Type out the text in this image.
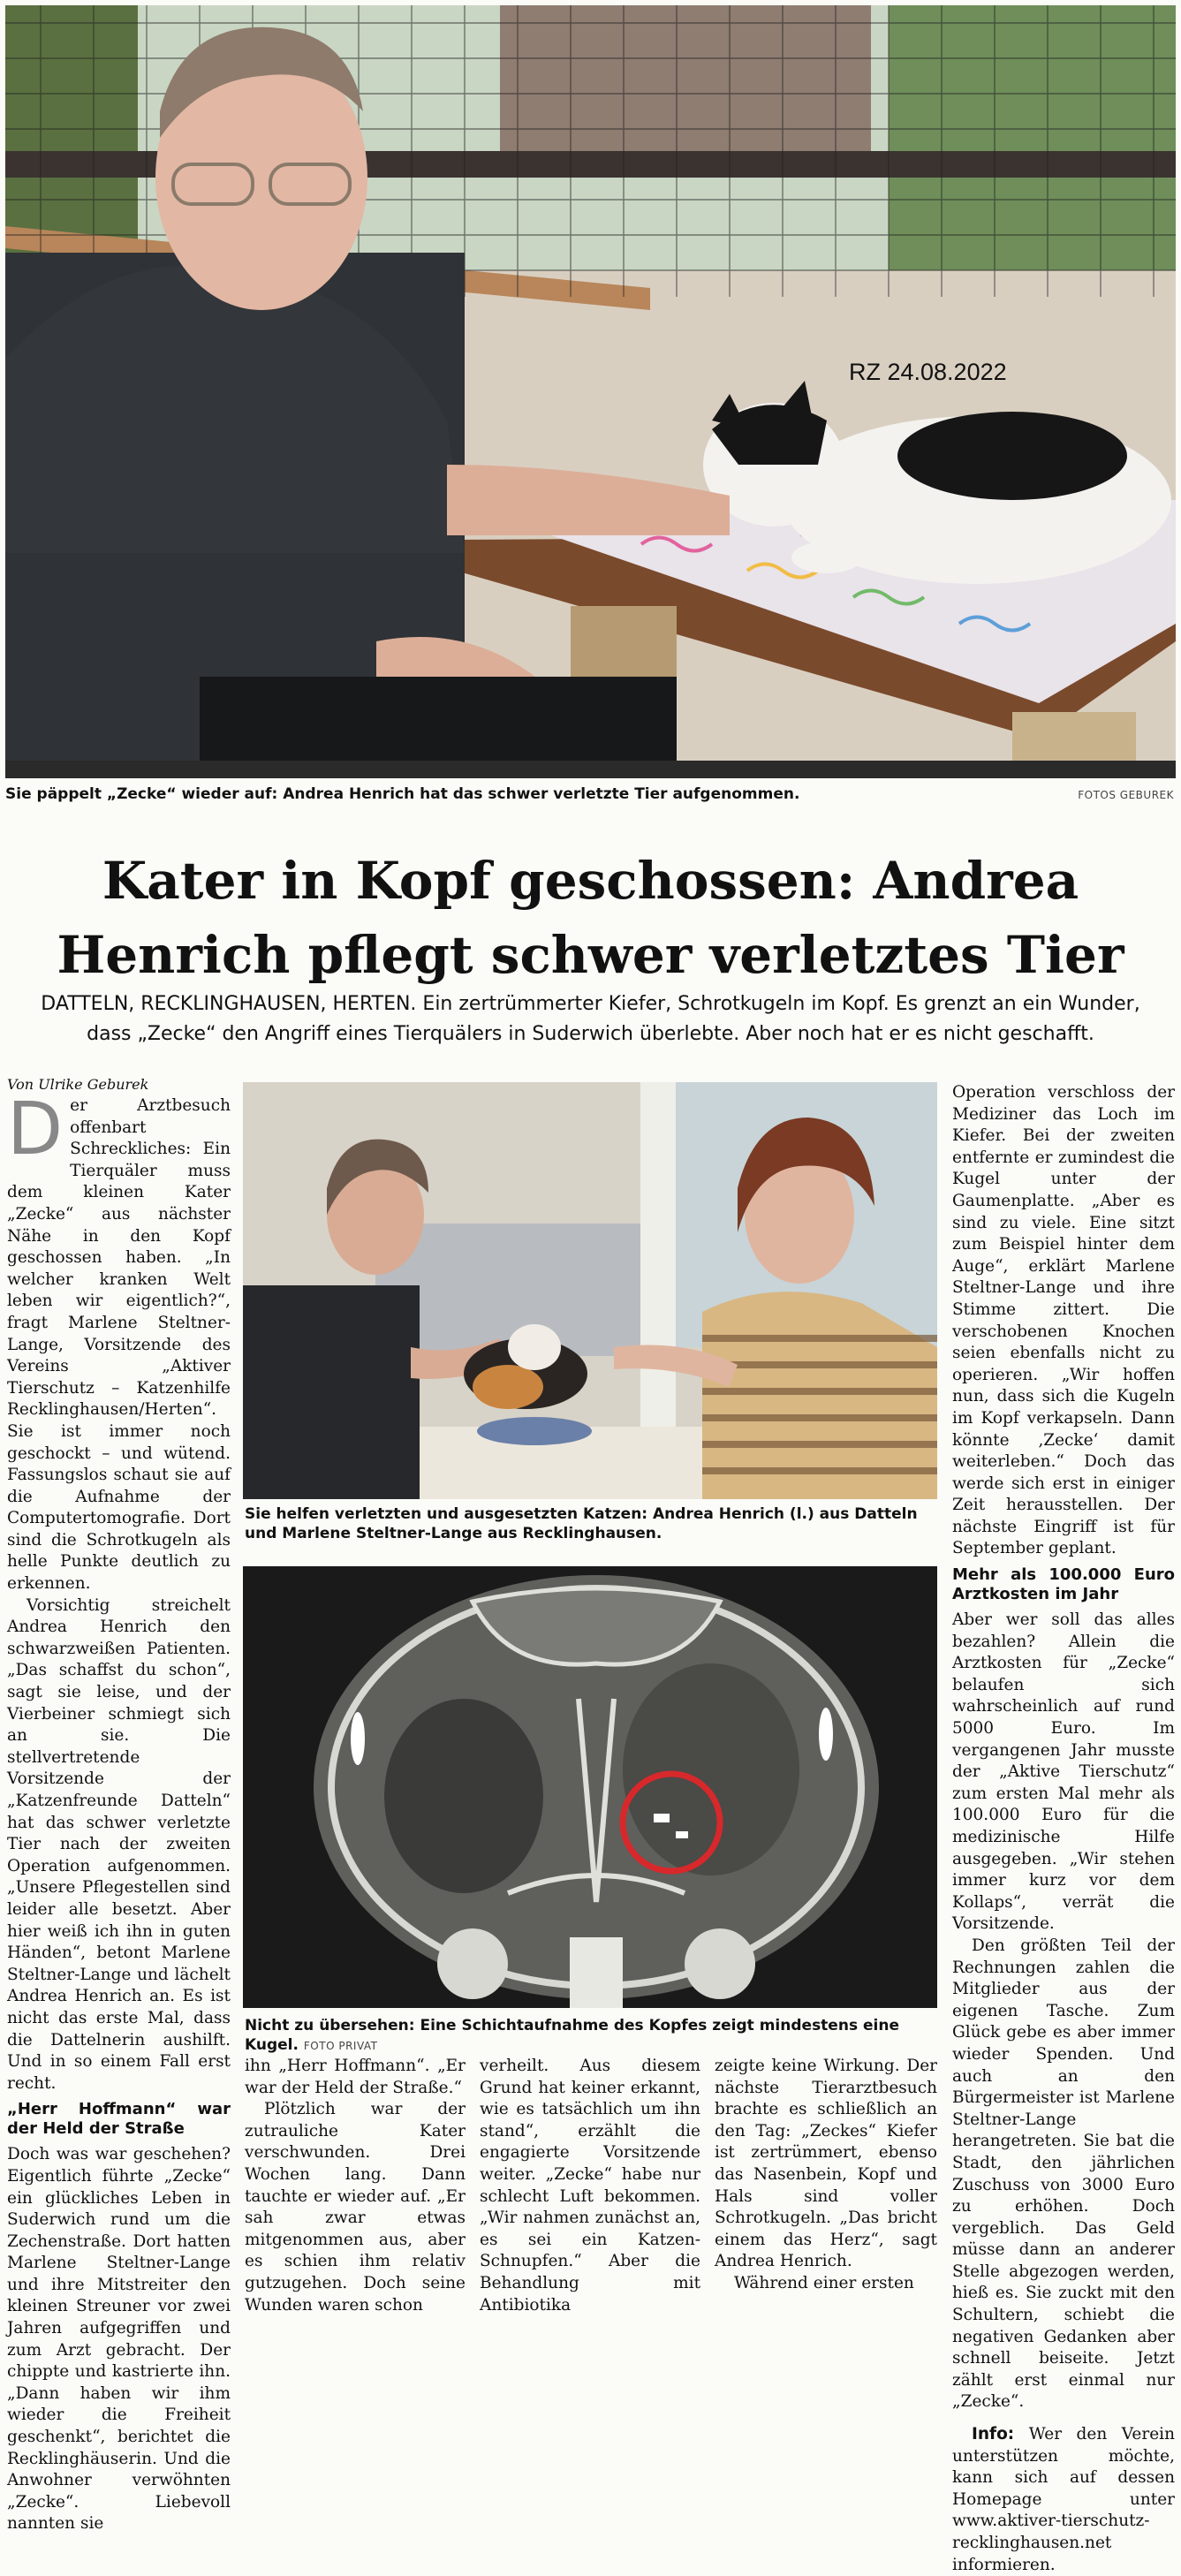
RZ 24.08.2022
Sie päppelt „Zecke“ wieder auf: Andrea Henrich hat das schwer verletzte Tier aufgenommen.	FOTOS GEBUREK
Kater in Kopf geschossen: Andrea
Henrich pflegt schwer verletztes Tier
DATTELN, RECKLINGHAUSEN, HERTEN. Ein zertrümmerter Kiefer, Schrotkugeln im Kopf. Es grenzt an ein Wunder,
dass „Zecke“ den Angriff eines Tierquälers in Suderwich überlebte. Aber noch hat er es nicht geschafft.
Von Ulrike Geburek

Der Arztbesuch offenbart Schreckliches: Ein Tierquäler muss dem kleinen Kater „Zecke“ aus nächster Nähe in den Kopf geschossen haben. „In welcher kranken Welt leben wir eigentlich?“, fragt Marlene Steltner-Lange, Vorsitzende des Vereins „Aktiver Tierschutz – Katzenhilfe Recklinghausen/Herten“. Sie ist immer noch geschockt – und wütend. Fassungslos schaut sie auf die Aufnahme der Computertomografie. Dort sind die Schrotkugeln als helle Punkte deutlich zu erkennen.

Vorsichtig streichelt Andrea Henrich den schwarzweißen Patienten. „Das schaffst du schon“, sagt sie leise, und der Vierbeiner schmiegt sich an sie. Die stellvertretende Vorsitzende der „Katzenfreunde Datteln“ hat das schwer verletzte Tier nach der zweiten Operation aufgenommen. „Unsere Pflegestellen sind leider alle besetzt. Aber hier weiß ich ihn in guten Händen“, betont Marlene Steltner-Lange und lächelt Andrea Henrich an. Es ist nicht das erste Mal, dass die Dattelnerin aushilft. Und in so einem Fall erst recht.

„Herr Hoffmann“ war der Held der Straße

Doch was war geschehen? Eigentlich führte „Zecke“ ein glückliches Leben in Suderwich rund um die Zechenstraße. Dort hatten Marlene Steltner-Lange und ihre Mitstreiter den kleinen Streuner vor zwei Jahren aufgegriffen und zum Arzt gebracht. Der chippte und kastrierte ihn. „Dann haben wir ihm wieder die Freiheit geschenkt“, berichtet die Recklinghäuserin. Und die Anwohner verwöhnten „Zecke“. Liebevoll nannten sie

Sie helfen verletzten und ausgesetzten Katzen: Andrea Henrich (l.) aus Datteln und Marlene Steltner-Lange aus Recklinghausen.
Nicht zu übersehen: Eine Schichtaufnahme des Kopfes zeigt mindestens eine Kugel. FOTO PRIVAT

ihn „Herr Hoffmann“. „Er war der Held der Straße.“

Plötzlich war der zutrauliche Kater verschwunden. Drei Wochen lang. Dann tauchte er wieder auf. „Er sah zwar etwas mitgenommen aus, aber es schien ihm relativ gutzugehen. Doch seine Wunden waren schon

verheilt. Aus diesem Grund hat keiner erkannt, wie es tatsächlich um ihn stand“, erzählt die engagierte Vorsitzende weiter. „Zecke“ habe nur schlecht Luft bekommen. „Wir nahmen zunächst an, es sei ein Katzen-Schnupfen.“ Aber die Behandlung mit Antibiotika

zeigte keine Wirkung. Der nächste Tierarztbesuch brachte es schließlich an den Tag: „Zeckes“ Kiefer ist zertrümmert, ebenso das Nasenbein, Kopf und Hals sind voller Schrotkugeln. „Das bricht einem das Herz“, sagt Andrea Henrich.

Während einer ersten

Operation verschloss der Mediziner das Loch im Kiefer. Bei der zweiten entfernte er zumindest die Kugel unter der Gaumenplatte. „Aber es sind zu viele. Eine sitzt zum Beispiel hinter dem Auge“, erklärt Marlene Steltner-Lange und ihre Stimme zittert. Die verschobenen Knochen seien ebenfalls nicht zu operieren. „Wir hoffen nun, dass sich die Kugeln im Kopf verkapseln. Dann könnte ‚Zecke‘ damit weiterleben.“ Doch das werde sich erst in einiger Zeit herausstellen. Der nächste Eingriff ist für September geplant.

Mehr als 100.000 Euro Arztkosten im Jahr

Aber wer soll das alles bezahlen? Allein die Arztkosten für „Zecke“ belaufen sich wahrscheinlich auf rund 5000 Euro. Im vergangenen Jahr musste der „Aktive Tierschutz“ zum ersten Mal mehr als 100.000 Euro für die medizinische Hilfe ausgegeben. „Wir stehen immer kurz vor dem Kollaps“, verrät die Vorsitzende.

Den größten Teil der Rechnungen zahlen die Mitglieder aus der eigenen Tasche. Zum Glück gebe es aber immer wieder Spenden. Und auch an den Bürgermeister ist Marlene Steltner-Lange herangetreten. Sie bat die Stadt, den jährlichen Zuschuss von 3000 Euro zu erhöhen. Doch vergeblich. Das Geld müsse dann an anderer Stelle abgezogen werden, hieß es. Sie zuckt mit den Schultern, schiebt die negativen Gedanken aber schnell beiseite. Jetzt zählt erst einmal nur „Zecke“.

Info: Wer den Verein unterstützen möchte, kann sich auf dessen Homepage unter www.aktiver-tierschutz-recklinghausen.net informieren.
